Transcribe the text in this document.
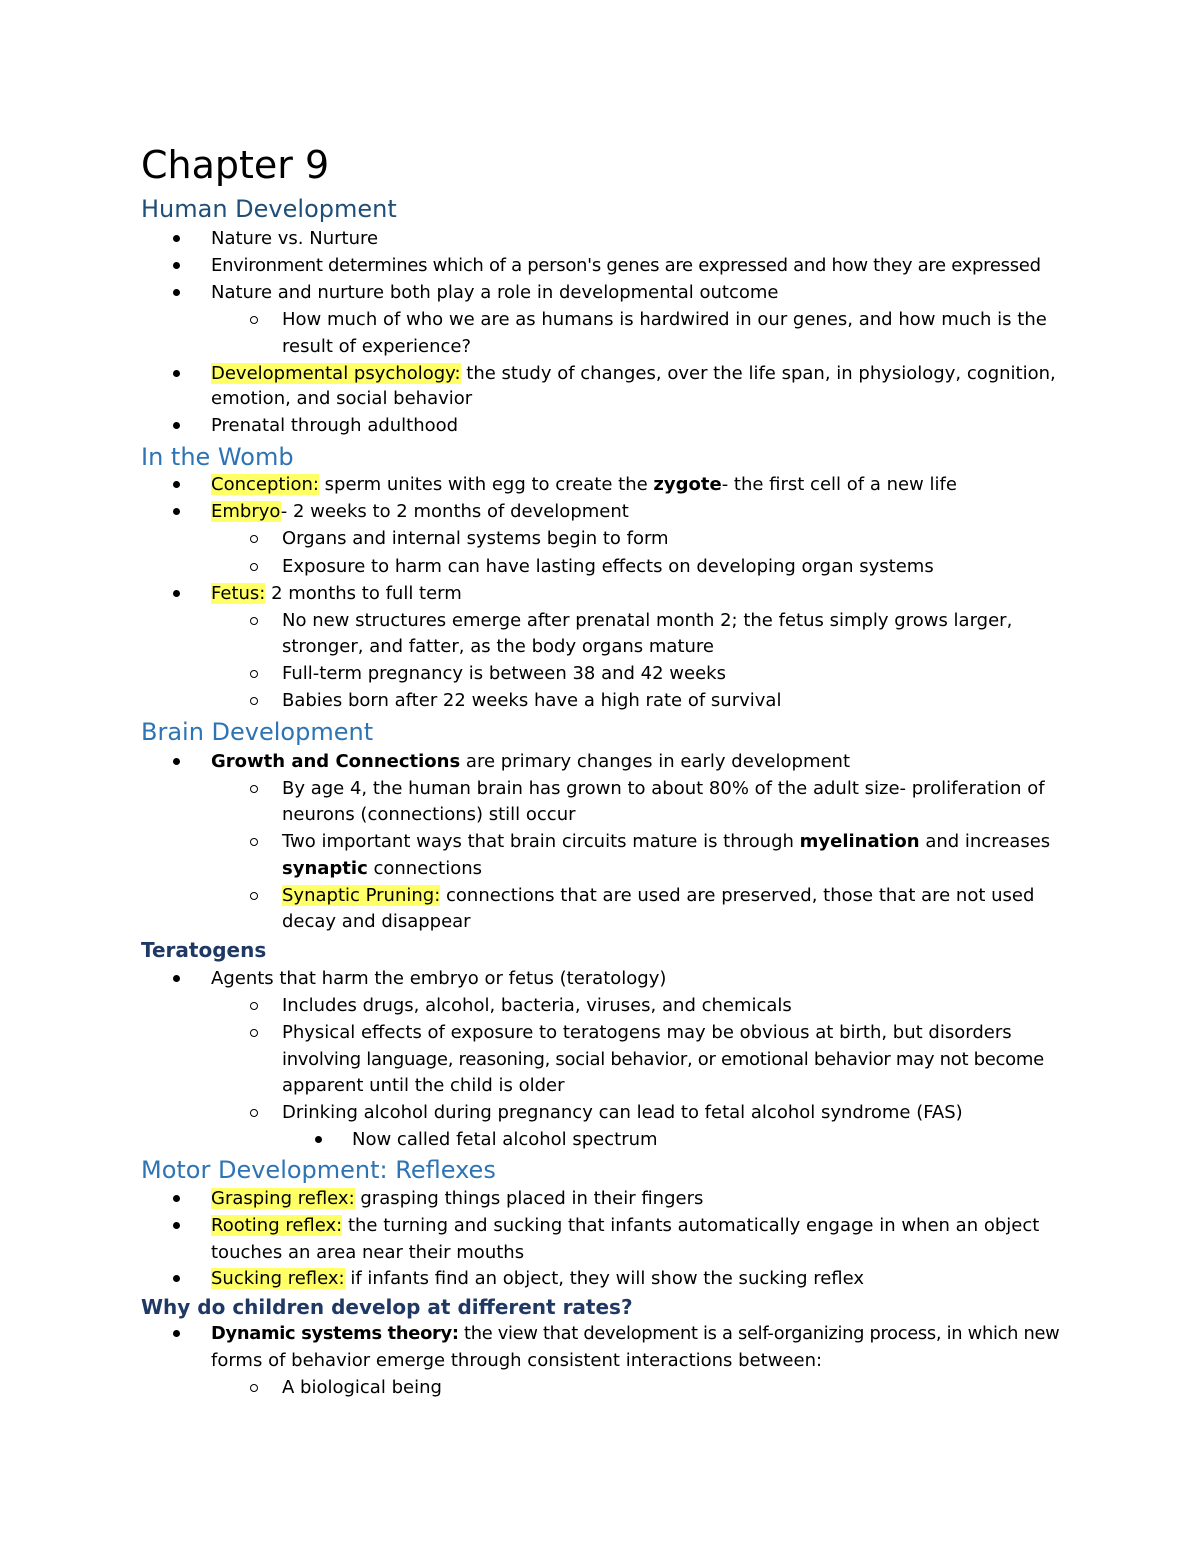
Chapter 9
Human Development
Nature vs. Nurture
Environment determines which of a person's genes are expressed and how they are expressed
Nature and nurture both play a role in developmental outcome
How much of who we are as humans is hardwired in our genes, and how much is the
result of experience?
Developmental psychology: the study of changes, over the life span, in physiology, cognition,
emotion, and social behavior
Prenatal through adulthood
In the Womb
Conception: sperm unites with egg to create the zygote- the first cell of a new life
Embryo- 2 weeks to 2 months of development
Organs and internal systems begin to form
Exposure to harm can have lasting effects on developing organ systems
Fetus: 2 months to full term
No new structures emerge after prenatal month 2; the fetus simply grows larger,
stronger, and fatter, as the body organs mature
Full-term pregnancy is between 38 and 42 weeks
Babies born after 22 weeks have a high rate of survival
Brain Development
Growth and Connections are primary changes in early development
By age 4, the human brain has grown to about 80% of the adult size- proliferation of
neurons (connections) still occur
Two important ways that brain circuits mature is through myelination and increases
synaptic connections
Synaptic Pruning: connections that are used are preserved, those that are not used
decay and disappear
Teratogens
Agents that harm the embryo or fetus (teratology)
Includes drugs, alcohol, bacteria, viruses, and chemicals
Physical effects of exposure to teratogens may be obvious at birth, but disorders
involving language, reasoning, social behavior, or emotional behavior may not become
apparent until the child is older
Drinking alcohol during pregnancy can lead to fetal alcohol syndrome (FAS)
Now called fetal alcohol spectrum
Motor Development: Reflexes
Grasping reflex: grasping things placed in their fingers
Rooting reflex: the turning and sucking that infants automatically engage in when an object
touches an area near their mouths
Sucking reflex: if infants find an object, they will show the sucking reflex
Why do children develop at different rates?
Dynamic systems theory: the view that development is a self-organizing process, in which new
forms of behavior emerge through consistent interactions between:
A biological being
